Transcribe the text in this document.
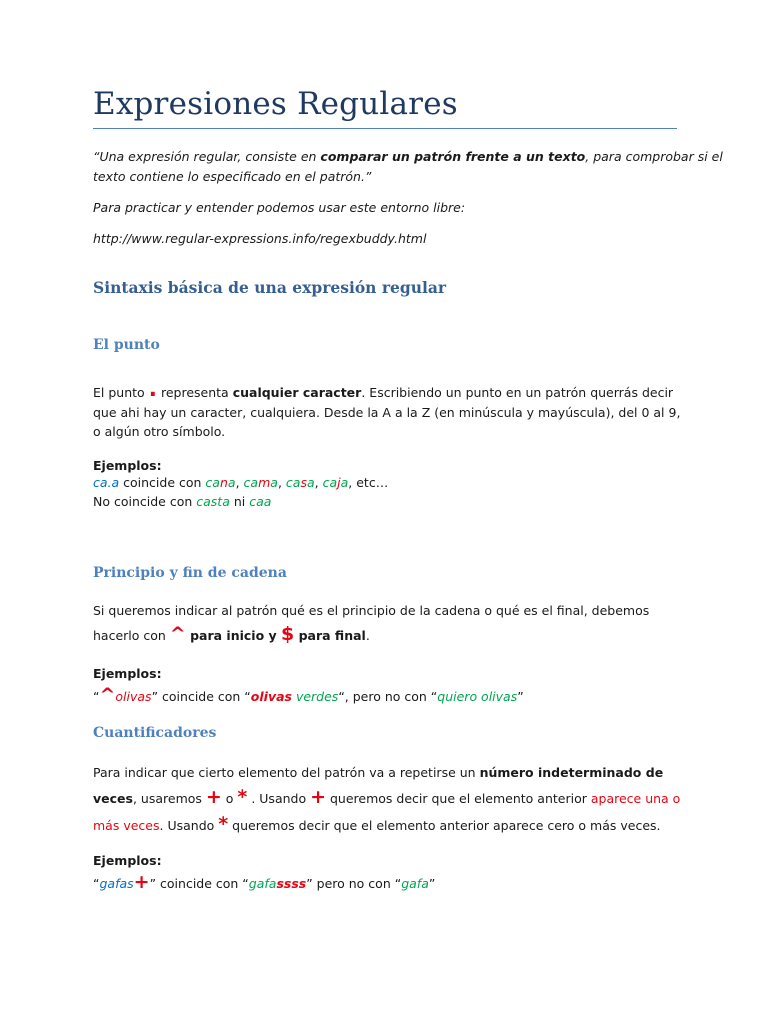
Expresiones Regulares
“Una expresión regular, consiste en comparar un patrón frente a un texto, para comprobar si el
texto contiene lo especificado en el patrón.”
Para practicar y entender podemos usar este entorno libre:
http://www.regular-expressions.info/regexbuddy.html
Sintaxis básica de una expresión regular
El punto
El punto . representa cualquier caracter. Escribiendo un punto en un patrón querrás decir
que ahi hay un caracter, cualquiera. Desde la A a la Z (en minúscula y mayúscula), del 0 al 9,
o algún otro símbolo.
Ejemplos:
ca.a coincide con cana, cama, casa, caja, etc…
No coincide con casta ni caa
Principio y fin de cadena
Si queremos indicar al patrón qué es el principio de la cadena o qué es el final, debemos
hacerlo con ^ para inicio y $ para final.
Ejemplos:
“^olivas” coincide con “olivas verdes“, pero no con “quiero olivas”
Cuantificadores
Para indicar que cierto elemento del patrón va a repetirse un número indeterminado de
veces, usaremos + o * . Usando + queremos decir que el elemento anterior aparece una o
más veces. Usando * queremos decir que el elemento anterior aparece cero o más veces.
Ejemplos:
“gafas+” coincide con “gafassss” pero no con “gafa”
